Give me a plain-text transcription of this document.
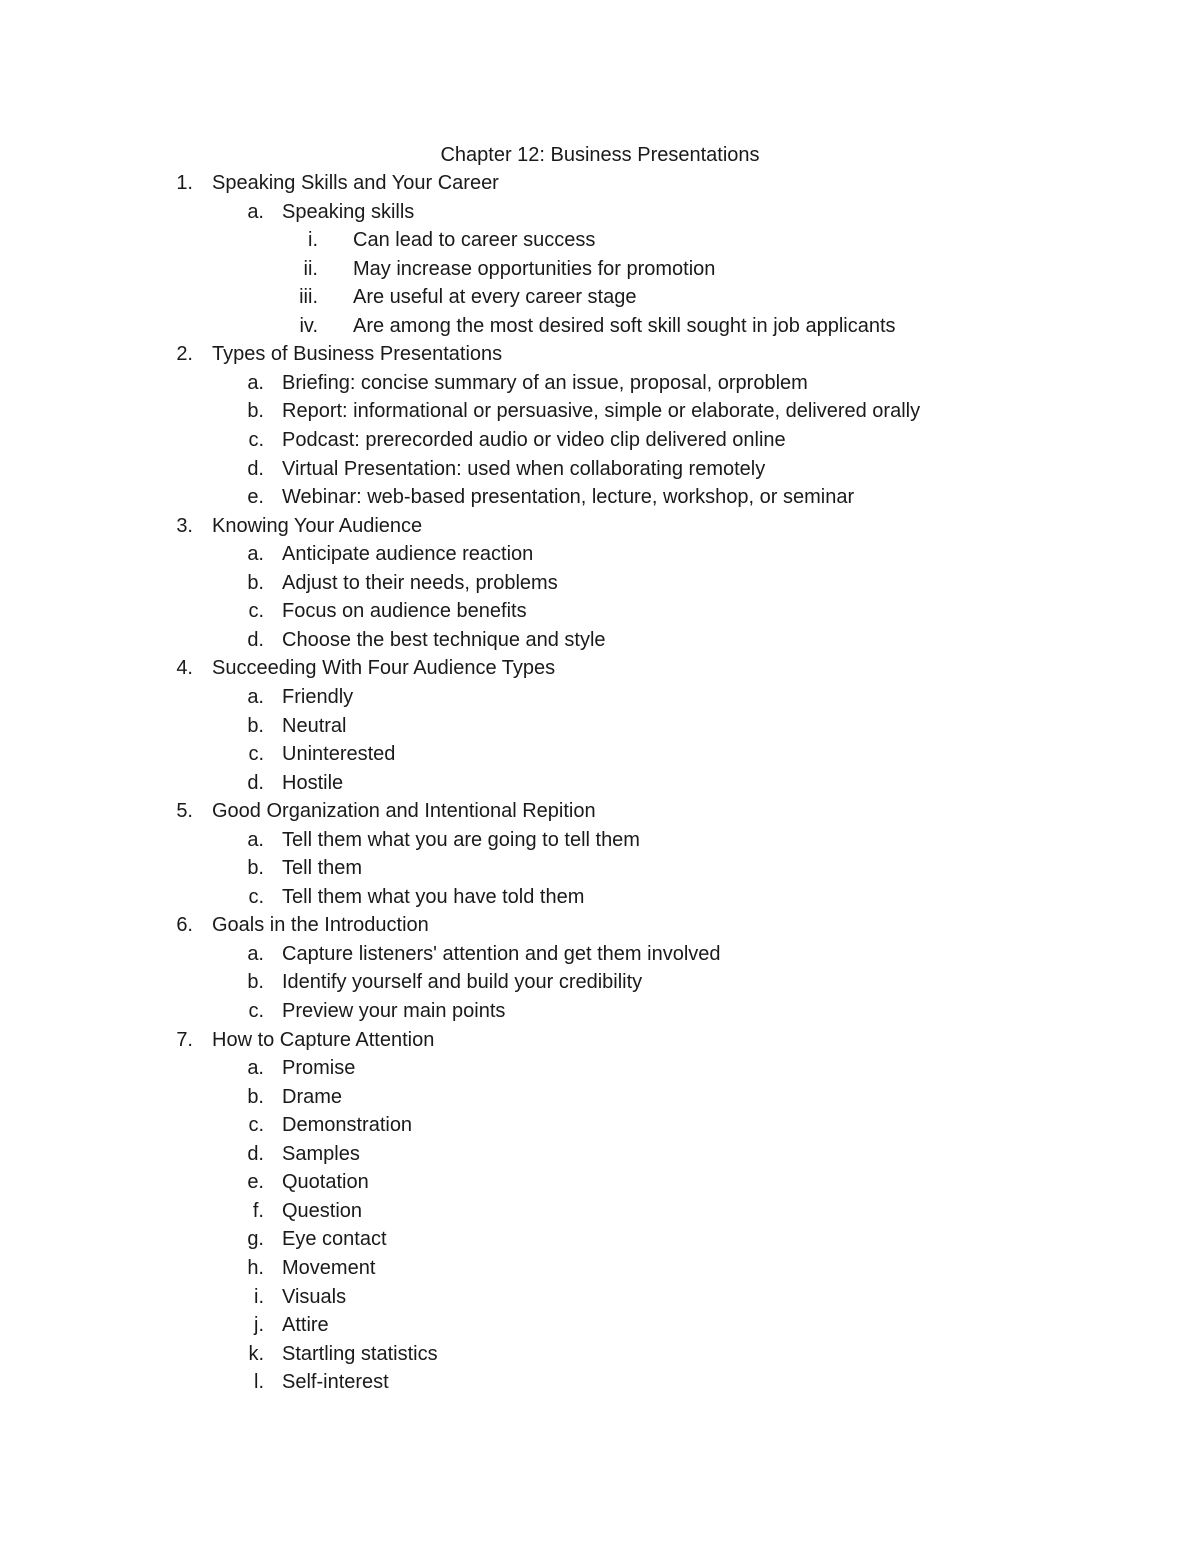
Chapter 12: Business Presentations
1. Speaking Skills and Your Career
a. Speaking skills
i. Can lead to career success
ii. May increase opportunities for promotion
iii. Are useful at every career stage
iv. Are among the most desired soft skill sought in job applicants
2. Types of Business Presentations
a. Briefing: concise summary of an issue, proposal, orproblem
b. Report: informational or persuasive, simple or elaborate, delivered orally
c. Podcast: prerecorded audio or video clip delivered online
d. Virtual Presentation: used when collaborating remotely
e. Webinar: web-based presentation, lecture, workshop, or seminar
3. Knowing Your Audience
a. Anticipate audience reaction
b. Adjust to their needs, problems
c. Focus on audience benefits
d. Choose the best technique and style
4. Succeeding With Four Audience Types
a. Friendly
b. Neutral
c. Uninterested
d. Hostile
5. Good Organization and Intentional Repition
a. Tell them what you are going to tell them
b. Tell them
c. Tell them what you have told them
6. Goals in the Introduction
a. Capture listeners' attention and get them involved
b. Identify yourself and build your credibility
c. Preview your main points
7. How to Capture Attention
a. Promise
b. Drame
c. Demonstration
d. Samples
e. Quotation
f. Question
g. Eye contact
h. Movement
i. Visuals
j. Attire
k. Startling statistics
l. Self-interest
